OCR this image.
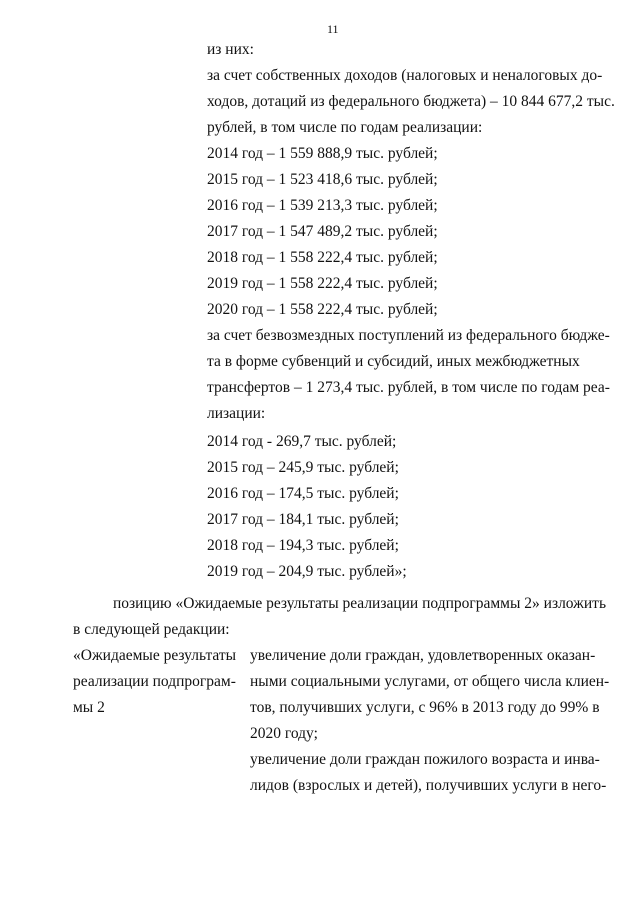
11
из них:
за счет собственных доходов (налоговых и неналоговых до-
ходов, дотаций из федерального бюджета) – 10 844 677,2 тыс.
рублей, в том числе по годам реализации:
2014 год – 1 559 888,9 тыс. рублей;
2015 год – 1 523 418,6 тыс. рублей;
2016 год – 1 539 213,3 тыс. рублей;
2017 год – 1 547 489,2 тыс. рублей;
2018 год – 1 558 222,4 тыс. рублей;
2019 год – 1 558 222,4 тыс. рублей;
2020 год – 1 558 222,4 тыс. рублей;
за счет безвозмездных поступлений из федерального бюдже-
та в форме субвенций и субсидий, иных межбюджетных
трансфертов – 1 273,4 тыс. рублей, в том числе по годам реа-
лизации:
2014 год - 269,7 тыс. рублей;
2015 год – 245,9 тыс. рублей;
2016 год – 174,5 тыс. рублей;
2017 год – 184,1 тыс. рублей;
2018 год – 194,3 тыс. рублей;
2019 год – 204,9 тыс. рублей»;
позицию «Ожидаемые результаты реализации подпрограммы 2» изложить
в следующей редакции:
«Ожидаемые результаты
реализации подпрограм-
мы 2
увеличение доли граждан, удовлетворенных оказан-
ными социальными услугами, от общего числа клиен-
тов, получивших услуги, с 96% в 2013 году до 99% в
2020 году;
увеличение доли граждан пожилого возраста и инва-
лидов (взрослых и детей), получивших услуги в него-
